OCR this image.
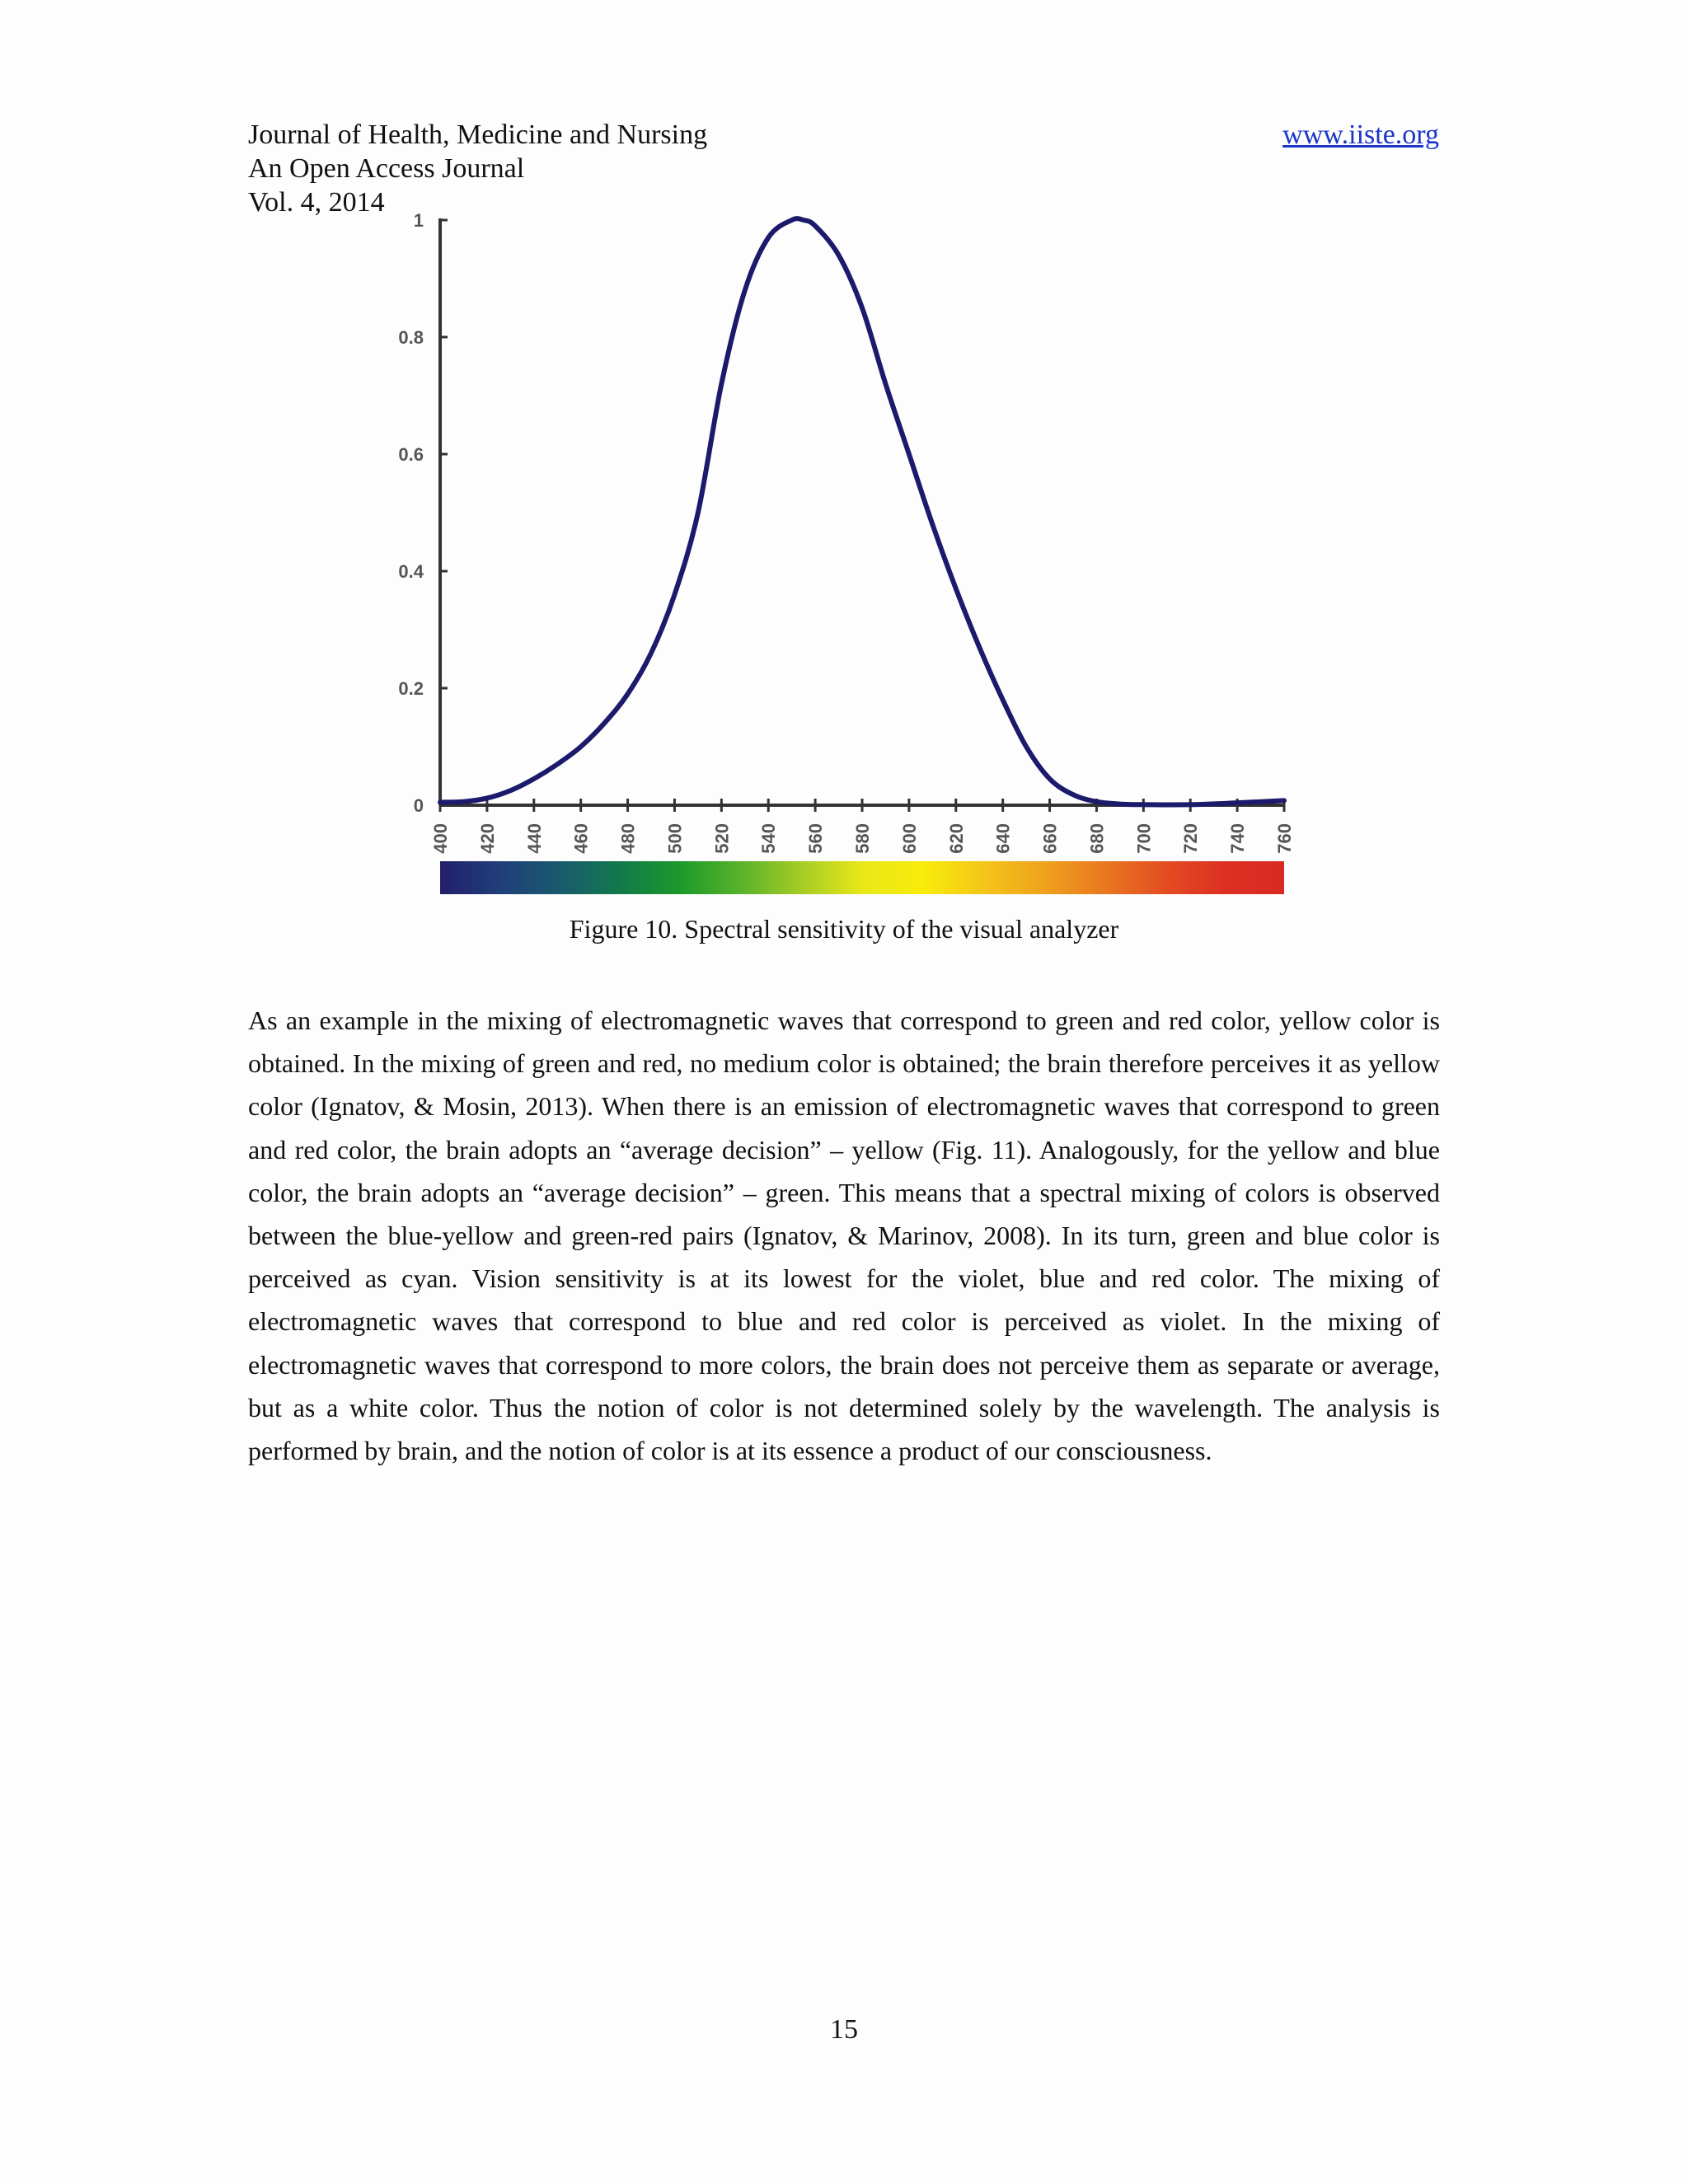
Journal of Health, Medicine and Nursing
An Open Access Journal
Vol. 4, 2014
www.iiste.org
0
0.2
0.4
0.6
0.8
1
400 420 440 460 480 500 520 540 560 580 600 620 640 660 680 700 720 740 760
Figure 10. Spectral sensitivity of the visual analyzer
As an example in the mixing of electromagnetic waves that correspond to green and red color, yellow color is obtained. In the mixing of green and red, no medium color is obtained; the brain therefore perceives it as yellow color (Ignatov, & Mosin, 2013). When there is an emission of electromagnetic waves that correspond to green and red color, the brain adopts an “average decision” – yellow (Fig. 11). Analogously, for the yellow and blue color, the brain adopts an “average decision” – green. This means that a spectral mixing of colors is observed between the blue-yellow and green-red pairs (Ignatov, & Marinov, 2008). In its turn, green and blue color is perceived as cyan. Vision sensitivity is at its lowest for the violet, blue and red color. The mixing of electromagnetic waves that correspond to blue and red color is perceived as violet. In the mixing of electromagnetic waves that correspond to more colors, the brain does not perceive them as separate or average, but as a white color. Thus the notion of color is not determined solely by the wavelength. The analysis is performed by brain, and the notion of color is at its essence a product of our consciousness.
15
